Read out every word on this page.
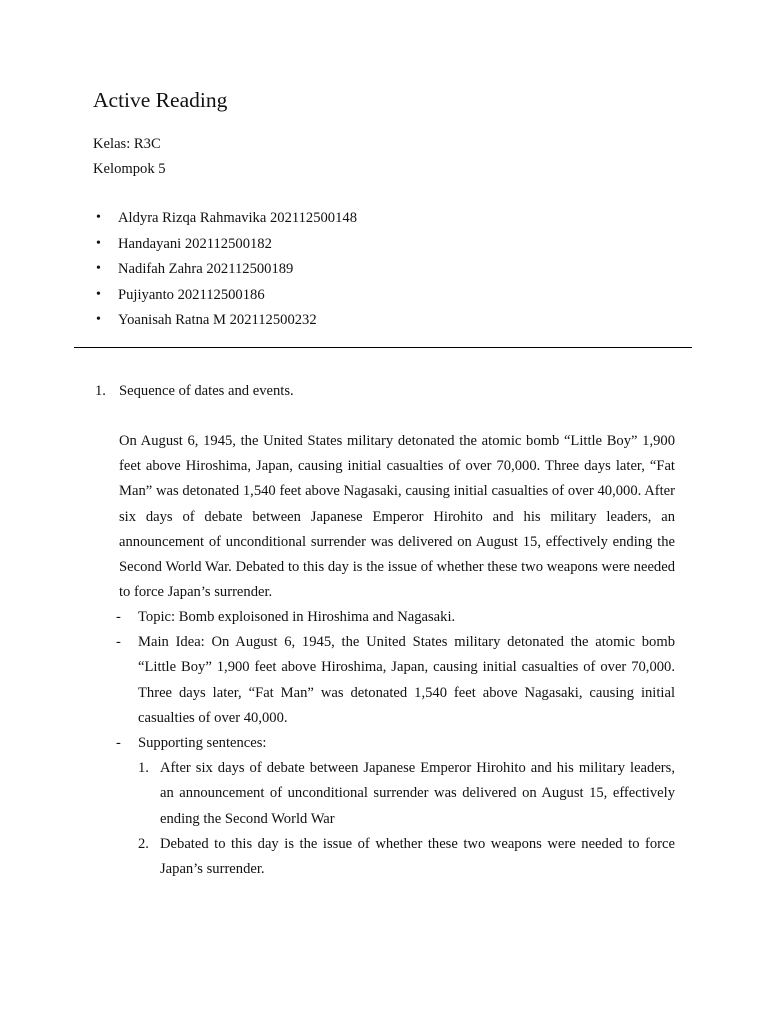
Active Reading
Kelas: R3C
Kelompok 5
•	Aldyra Rizqa Rahmavika 202112500148
•	Handayani 202112500182
•	Nadifah Zahra 202112500189
•	Pujiyanto 202112500186
•	Yoanisah Ratna M 202112500232
1. Sequence of dates and events.

On August 6, 1945, the United States military detonated the atomic bomb “Little Boy” 1,900 feet above Hiroshima, Japan, causing initial casualties of over 70,000. Three days later, “Fat Man” was detonated 1,540 feet above Nagasaki, causing initial casualties of over 40,000. After six days of debate between Japanese Emperor Hirohito and his military leaders, an announcement of unconditional surrender was delivered on August 15, effectively ending the Second World War. Debated to this day is the issue of whether these two weapons were needed to force Japan’s surrender.

-	Topic: Bomb exploisoned in Hiroshima and Nagasaki.
-	Main Idea: On August 6, 1945, the United States military detonated the atomic bomb “Little Boy” 1,900 feet above Hiroshima, Japan, causing initial casualties of over 70,000. Three days later, “Fat Man” was detonated 1,540 feet above Nagasaki, causing initial casualties of over 40,000.
-	Supporting sentences:
1. After six days of debate between Japanese Emperor Hirohito and his military leaders, an announcement of unconditional surrender was delivered on August 15, effectively ending the Second World War
2. Debated to this day is the issue of whether these two weapons were needed to force Japan’s surrender.
